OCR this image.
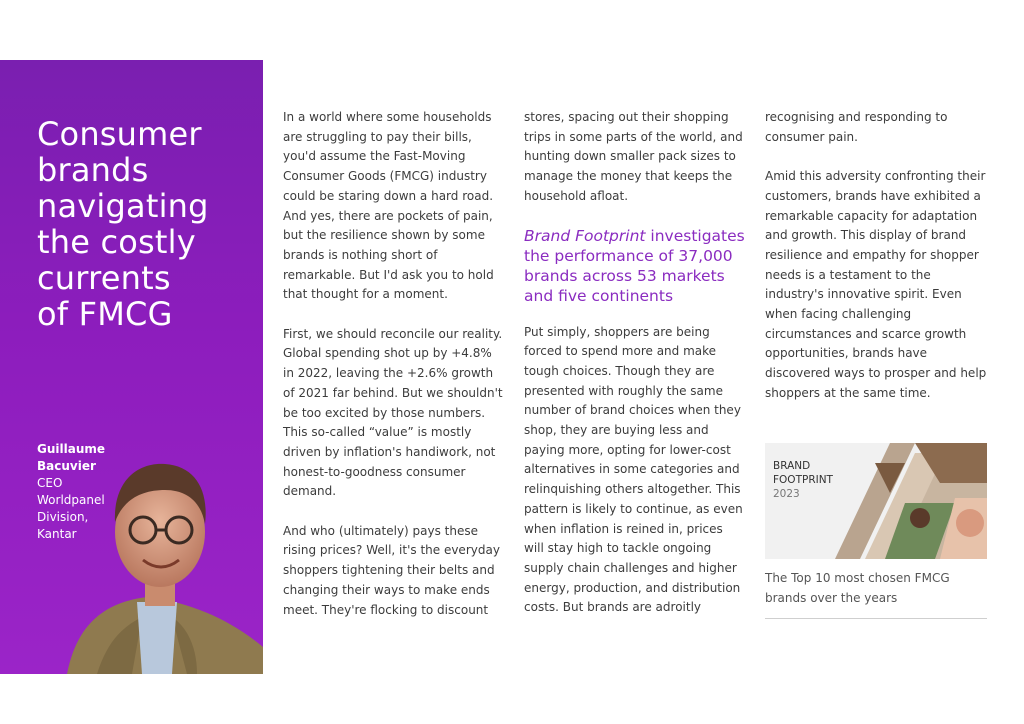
Consumer
brands
navigating
the costly
currents
of FMCG
Guillaume
Bacuvier
CEO
Worldpanel
Division,
Kantar

In a world where some households are struggling to pay their bills, you'd assume the Fast-Moving Consumer Goods (FMCG) industry could be staring down a hard road. And yes, there are pockets of pain, but the resilience shown by some brands is nothing short of remarkable. But I'd ask you to hold that thought for a moment.

First, we should reconcile our reality. Global spending shot up by +4.8% in 2022, leaving the +2.6% growth of 2021 far behind. But we shouldn't be too excited by those numbers. This so-called “value” is mostly driven by inflation's handiwork, not honest-to-goodness consumer demand.

And who (ultimately) pays these rising prices? Well, it's the everyday shoppers tightening their belts and changing their ways to make ends meet. They're flocking to discount

stores, spacing out their shopping trips in some parts of the world, and hunting down smaller pack sizes to manage the money that keeps the household afloat.

Brand Footprint investigates the performance of 37,000 brands across 53 markets and five continents

Put simply, shoppers are being forced to spend more and make tough choices. Though they are presented with roughly the same number of brand choices when they shop, they are buying less and paying more, opting for lower-cost alternatives in some categories and relinquishing others altogether. This pattern is likely to continue, as even when inflation is reined in, prices will stay high to tackle ongoing supply chain challenges and higher energy, production, and distribution costs. But brands are adroitly

recognising and responding to consumer pain.

Amid this adversity confronting their customers, brands have exhibited a remarkable capacity for adaptation and growth. This display of brand resilience and empathy for shopper needs is a testament to the industry's innovative spirit. Even when facing challenging circumstances and scarce growth opportunities, brands have discovered ways to prosper and help shoppers at the same time.

BRAND
FOOTPRINT
2023
The Top 10 most chosen FMCG brands over the years
